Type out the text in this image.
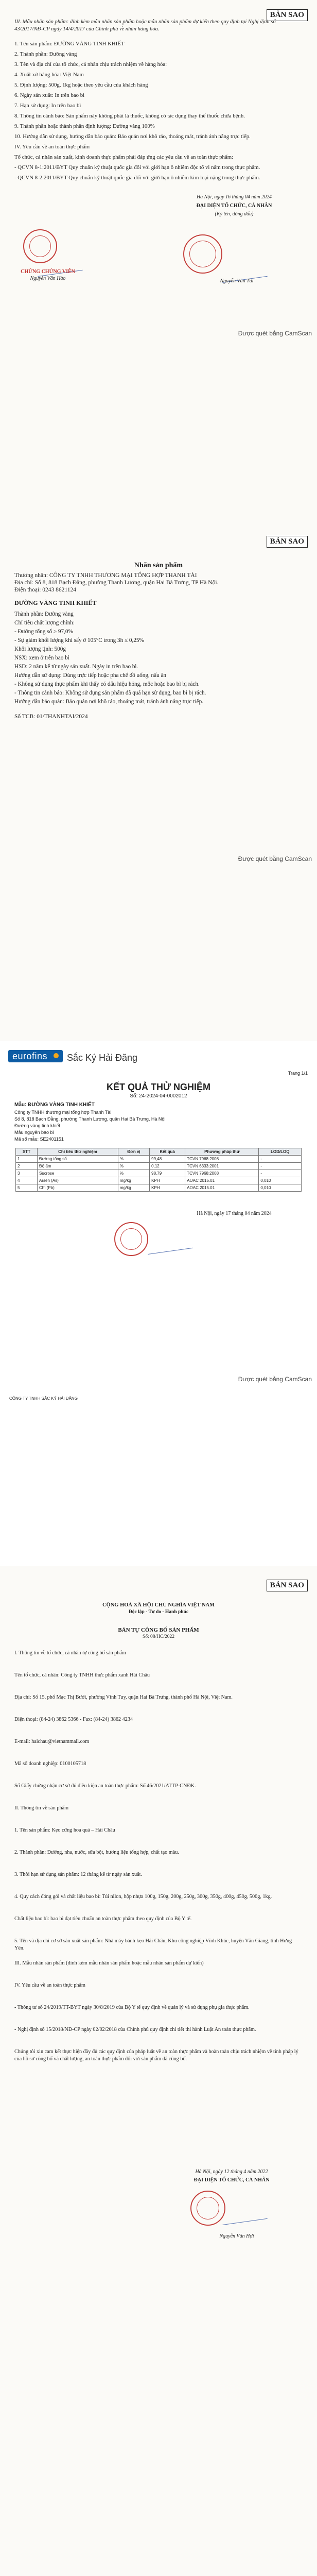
BẢN SAO
III. Mẫu nhãn sản phẩm: đính kèm mẫu nhãn sản phẩm hoặc mẫu nhãn sản phẩm dự kiến theo quy định tại Nghị định số 43/2017/NĐ-CP ngày 14/4/2017 của Chính phủ về nhãn hàng hóa.
1. Tên sản phẩm: ĐƯỜNG VÀNG TINH KHIẾT
2. Thành phần: Đường vàng
3. Tên và địa chỉ của tổ chức, cá nhân chịu trách nhiệm về hàng hóa:
4. Xuất xứ hàng hóa: Việt Nam
5. Định lượng: 500g, 1kg hoặc theo yêu cầu của khách hàng
6. Ngày sản xuất: In trên bao bì
7. Hạn sử dụng: In trên bao bì
8. Thông tin cảnh báo: Sản phẩm này không phải là thuốc, không có tác dụng thay thế thuốc chữa bệnh.
9. Thành phần hoặc thành phần định lượng: Đường vàng 100%
10. Hướng dẫn sử dụng, hướng dẫn bảo quản: Bảo quản nơi khô ráo, thoáng mát, tránh ánh nắng trực tiếp.
IV. Yêu cầu về an toàn thực phẩm
Tổ chức, cá nhân sản xuất, kinh doanh thực phẩm phải đáp ứng các yêu cầu về an toàn thực phẩm:
- QCVN 8-1:2011/BYT Quy chuẩn kỹ thuật quốc gia đối với giới hạn ô nhiễm độc tố vi nấm trong thực phẩm.
- QCVN 8-2:2011/BYT Quy chuẩn kỹ thuật quốc gia đối với giới hạn ô nhiễm kim loại nặng trong thực phẩm.
Hà Nội, ngày 16 tháng 04 năm 2024
ĐẠI DIỆN TỔ CHỨC, CÁ NHÂN
(Ký tên, đóng dấu)
CHỨNG CHỨNG VIÊN
Nguyễn Văn Hào	Nguyễn Văn Tài
Được quét bằng CamScan
BẢN SAO
Nhãn sản phẩm
Thương nhân: CÔNG TY TNHH THƯƠNG MẠI TỔNG HỢP THANH TÀI
Địa chỉ: Số 8, 818 Bạch Đằng, phường Thanh Lương, quận Hai Bà Trưng, TP Hà Nội.
Điện thoại: 0243 8621124
ĐƯỜNG VÀNG TINH KHIẾT
Thành phần: Đường vàng
Chỉ tiêu chất lượng chính:
- Đường tổng số ≥ 97,0%
- Sự giảm khối lượng khi sấy ở 105°C trong 3h ≤ 0,25%
Khối lượng tịnh: 500g
NSX: xem ở trên bao bì
HSD: 2 năm kể từ ngày sản xuất. Ngày in trên bao bì.
Hướng dẫn sử dụng: Dùng trực tiếp hoặc pha chế đồ uống, nấu ăn
- Không sử dụng thực phẩm khi thấy có dấu hiệu hỏng, mốc hoặc bao bì bị rách.
- Thông tin cảnh báo: Không sử dụng sản phẩm đã quá hạn sử dụng, bao bì bị rách.
Hướng dẫn bảo quản: Bảo quản nơi khô ráo, thoáng mát, tránh ánh nắng trực tiếp.
Số TCB: 01/THANHTAI/2024
Được quét bằng CamScan
eurofins	Sắc Ký Hải Đăng
Trang 1/1
KẾT QUẢ THỬ NGHIỆM
Số: 24-2024-04-0002012
Mẫu: ĐƯỜNG VÀNG TINH KHIẾT
Công ty TNHH thương mại tổng hợp Thanh Tài
Số 8, 818 Bạch Đằng, phường Thanh Lương, quận Hai Bà Trưng, Hà Nội
Đường vàng tinh khiết
Mẫu nguyên bao bì
Mã số mẫu: SE2401151
STT	Chỉ tiêu thử nghiệm	Đơn vị	Kết quả	Phương pháp thử	LOD/LOQ
1	Đường tổng số	%	99,48	TCVN 7968:2008	-
2	Độ ẩm	%	0,12	TCVN 6333:2001	-
3	Sucrose	%	98,79	TCVN 7968:2008	-
4	Arsen (As)	mg/kg	KPH	AOAC 2015.01	0,010
5	Chì (Pb)	mg/kg	KPH	AOAC 2015.01	0,010
Hà Nội, ngày 17 tháng 04 năm 2024
Được quét bằng CamScan
CÔNG TY TNHH SẮC KÝ HẢI ĐĂNG
BẢN SAO
CỘNG HOÀ XÃ HỘI CHỦ NGHĨA VIỆT NAM
Độc lập - Tự do - Hạnh phúc
BẢN TỰ CÔNG BỐ SẢN PHẨM
Số: 08/HC/2022
I. Thông tin về tổ chức, cá nhân tự công bố sản phẩm
Tên tổ chức, cá nhân: Công ty TNHH thực phẩm xanh Hải Châu
Địa chỉ: Số 15, phố Mạc Thị Bưởi, phường Vĩnh Tuy, quận Hai Bà Trưng, thành phố Hà Nội, Việt Nam.
Điện thoại: (84-24) 3862 5366 - Fax: (84-24) 3862 4234
E-mail: haichau@vietnammail.com
Mã số doanh nghiệp: 0100105718
Số Giấy chứng nhận cơ sở đủ điều kiện an toàn thực phẩm: Số 46/2021/ATTP-CNĐK.
II. Thông tin về sản phẩm
1. Tên sản phẩm: Kẹo cứng hoa quả – Hải Châu
2. Thành phần: Đường, nha, nước, sữa bột, hương liệu tổng hợp, chất tạo màu.
3. Thời hạn sử dụng sản phẩm: 12 tháng kể từ ngày sản xuất.
4. Quy cách đóng gói và chất liệu bao bì: Túi nilon, hộp nhựa 100g, 150g, 200g, 250g, 300g, 350g, 400g, 450g, 500g, 1kg.
Chất liệu bao bì: bao bì đạt tiêu chuẩn an toàn thực phẩm theo quy định của Bộ Y tế.
5. Tên và địa chỉ cơ sở sản xuất sản phẩm: Nhà máy bánh kẹo Hải Châu, Khu công nghiệp Vĩnh Khúc, huyện Văn Giang, tỉnh Hưng Yên.
III. Mẫu nhãn sản phẩm (đính kèm mẫu nhãn sản phẩm hoặc mẫu nhãn sản phẩm dự kiến)
IV. Yêu cầu về an toàn thực phẩm
- Thông tư số 24/2019/TT-BYT ngày 30/8/2019 của Bộ Y tế quy định về quản lý và sử dụng phụ gia thực phẩm.
- Nghị định số 15/2018/NĐ-CP ngày 02/02/2018 của Chính phủ quy định chi tiết thi hành Luật An toàn thực phẩm.
Chúng tôi xin cam kết thực hiện đầy đủ các quy định của pháp luật về an toàn thực phẩm và hoàn toàn chịu trách nhiệm về tính pháp lý của hồ sơ công bố và chất lượng, an toàn thực phẩm đối với sản phẩm đã công bố.
Hà Nội, ngày 12 tháng 4 năm 2022
ĐẠI DIỆN TỔ CHỨC, CÁ NHÂN
Nguyễn Văn Hợi
